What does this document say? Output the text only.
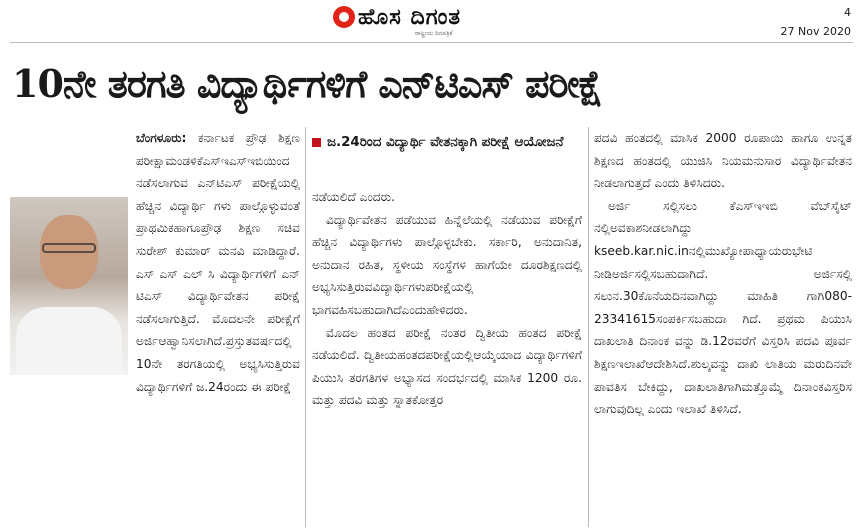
ಹೊಸ ದಿಗಂತ
ರಾಷ್ಟ್ರೀಯ ದಿನಪತ್ರಿಕೆ
4
27 Nov 2020
10ನೇ ತರಗತಿ ವಿದ್ಯಾರ್ಥಿಗಳಿಗೆ ಎನ್‌ಟಿಎಸ್ ಪರೀಕ್ಷೆ

ಬೆಂಗಳೂರು: ಕರ್ನಾಟಕ ಪ್ರೌಢ ಶಿಕ್ಷಣ ಪರೀಕ್ಷಾಮಂಡಳಿಕೆಎಸ್‌ಇಎಸ್‌ಇಬಿಯಿಂದ ನಡೆಸಲಾಗುವ ಎನ್‌ಟಿಎಸ್ ಪರೀಕ್ಷೆಯಲ್ಲಿ ಹೆಚ್ಚಿನ ವಿದ್ಯಾರ್ಥಿ ಗಳು ಪಾಲ್ಗೊಳ್ಳುವಂತೆ ಪ್ರಾಥಮಿಕಹಾಗೂಪ್ರೌಢ ಶಿಕ್ಷಣ ಸಚಿವ ಸುರೇಶ್ ಕುಮಾರ್ ಮನವಿ ಮಾಡಿದ್ದಾರೆ. ಎಸ್ ಎಸ್ ಎಲ್ ಸಿ ವಿದ್ಯಾರ್ಥಿಗಳಿಗೆ ಎನ್ ಟಿಎಸ್ ವಿದ್ಯಾರ್ಥಿವೇತನ ಪರೀಕ್ಷೆ ನಡೆಸಲಾಗುತ್ತಿದೆ. ಮೊದಲನೇ ಪರೀಕ್ಷೆಗೆ ಅರ್ಜಿಆಹ್ವಾನಿಸಲಾಗಿದೆ.ಪ್ರಸ್ತುತವರ್ಷದಲ್ಲಿ 10ನೇ ತರಗತಿಯಲ್ಲಿ ಅಭ್ಯಸಿಸುತ್ತಿರುವ ವಿದ್ಯಾರ್ಥಿಗಳಿಗೆ ಜ.24ರಂದು ಈ ಪರೀಕ್ಷೆ

ಜ.24ರಿಂದ ವಿದ್ಯಾರ್ಥಿ ವೇತನಕ್ಕಾಗಿ ಪರೀಕ್ಷೆ ಆಯೋಜನೆ

ನಡೆಯಲಿದೆ ಎಂದರು.

ವಿದ್ಯಾರ್ಥಿವೇತನ ಪಡೆಯುವ ಹಿನ್ನೆಲೆಯಲ್ಲಿ ನಡೆಯುವ ಪರೀಕ್ಷೆಗೆ ಹೆಚ್ಚಿನ ವಿದ್ಯಾರ್ಥಿಗಳು ಪಾಲ್ಗೊಳ್ಳಬೇಕು. ಸರ್ಕಾರಿ, ಅನುದಾನಿತ, ಅನುದಾನ ರಹಿತ, ಸ್ಥಳೀಯ ಸಂಸ್ಥೆಗಳ ಹಾಗೆಯೇ ದೂರಶಿಕ್ಷಣದಲ್ಲಿ ಅಭ್ಯಸಿಸುತ್ತಿರುವವಿದ್ಯಾರ್ಥಿಗಳುಪರೀಕ್ಷೆಯಲ್ಲಿ ಭಾಗವಹಿಸಬಹುದಾಗಿದೆಎಂದುಹೇಳಿದರು.

ಮೊದಲ ಹಂತದ ಪರೀಕ್ಷೆ ನಂತರ ದ್ವಿತೀಯ ಹಂತದ ಪರೀಕ್ಷೆ ನಡೆಯಲಿದೆ. ದ್ವಿತೀಯಹಂತದಪರೀಕ್ಷೆಯಲ್ಲಿಆಯ್ಕೆಯಾದ ವಿದ್ಯಾರ್ಥಿಗಳಿಗೆ ಪಿಯುಸಿ ತರಗತಿಗಳ ಅಭ್ಯಾಸದ ಸಂದರ್ಭದಲ್ಲಿ ಮಾಸಿಕ 1200 ರೂ. ಮತ್ತು ಪದವಿ ಮತ್ತು ಸ್ನಾತಕೋತ್ತರ

ಪದವಿ ಹಂತದಲ್ಲಿ ಮಾಸಿಕ 2000 ರೂಪಾಯಿ ಹಾಗೂ ಉನ್ನತ ಶಿಕ್ಷಣದ ಹಂತದಲ್ಲಿ ಯುಜಿಸಿ ನಿಯಮನುಸಾರ ವಿದ್ಯಾರ್ಥಿವೇತನ ನೀಡಲಾಗುತ್ತದೆ ಎಂದು ತಿಳಿಸಿದರು.

ಅರ್ಜಿ ಸಲ್ಲಿಸಲು ಕೆಎಸ್‌ಇಇಬಿ ವೆಬ್‌ಸೈಟ್ ನಲ್ಲಿಅವಕಾಶನೀಡಲಾಗಿದ್ದು kseeb.kar.nic.inನಲ್ಲಿಮುಖ್ಯೋಪಾಧ್ಯಾಯರುಭೇಟಿ ನೀಡಿಅರ್ಜಿಸಲ್ಲಿಸಬಹುದಾಗಿದೆ. ಅರ್ಜಿಸಲ್ಲಿ ಸಲುನ.30ಕೊನೆಯದಿನವಾಗಿದ್ದು ಮಾಹಿತಿ ಗಾಗಿ080-23341615ಸಂಪರ್ಕಿಸಬಹುದಾ ಗಿದೆ. ಪ್ರಥಮ ಪಿಯುಸಿ ದಾಖಲಾತಿ ದಿನಾಂಕ ವನ್ನು ಡಿ.12ರವರೆಗೆ ವಿಸ್ತರಿಸಿ ಪದವಿ ಪೂರ್ವ ಶಿಕ್ಷಣಇಲಾಖೆಆದೇಶಿಸಿದೆ.ಶುಲ್ಕವನ್ನು ದಾಖಿ ಲಾತಿಯ ಮರುದಿನವೇ ಪಾವತಿಸ ಬೇಕಿದ್ದು, ದಾಖಲಾತಿಗಾಗಿಮತ್ತೊಮ್ಮೆ ದಿನಾಂಕವಿಸ್ತರಿಸ ಲಾಗುವುದಿಲ್ಲ ಎಂದು ಇಲಾಖೆ ತಿಳಿಸಿದೆ.
